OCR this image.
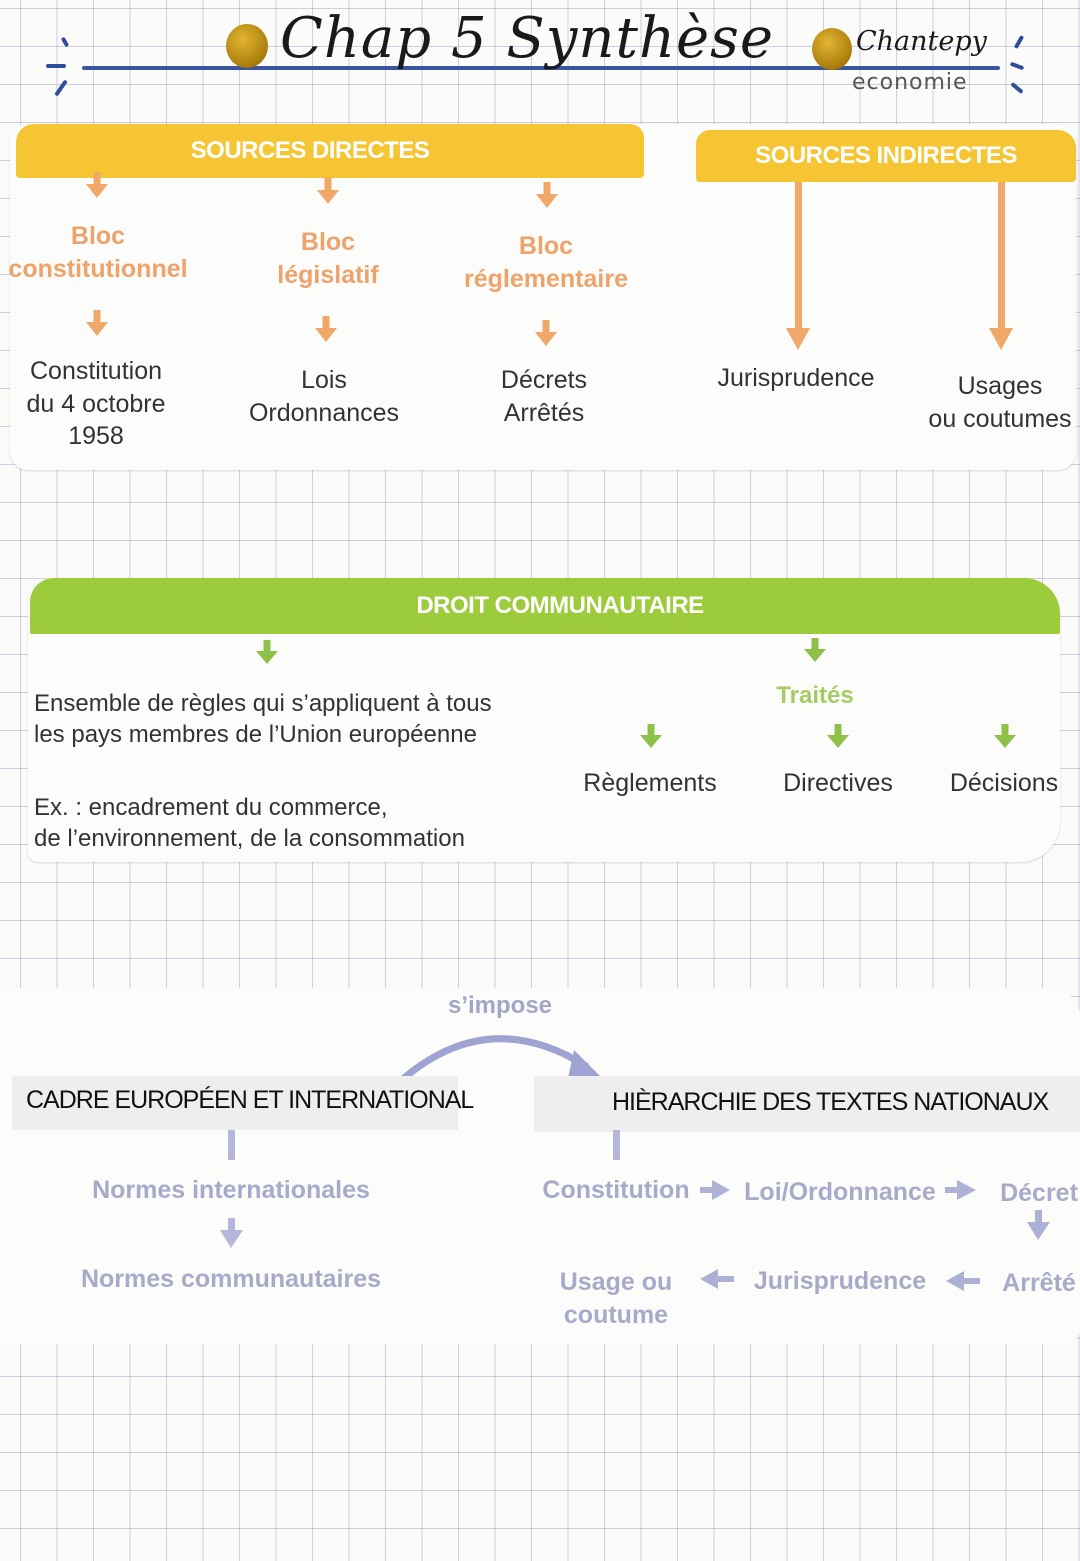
Chap 5 Synthèse	Chantepy
economie
SOURCES DIRECTES	SOURCES INDIRECTES
Bloc
constitutionnel
Constitution
du 4 octobre
1958
Bloc
législatif
Lois
Ordonnances
Bloc
réglementaire
Décrets
Arrêtés
Jurisprudence	Usages
ou coutumes
DROIT COMMUNAUTAIRE
Ensemble de règles qui s’appliquent à tous
les pays membres de l’Union européenne
Ex. : encadrement du commerce,
de l’environnement, de la consommation
Traités
Règlements	Directives	Décisions
s’impose
CADRE EUROPÉEN ET INTERNATIONAL	HIÈRARCHIE DES TEXTES NATIONAUX
Normes internationales
Normes communautaires
Constitution Loi/Ordonnance	Décret
Usage ou
coutume
Jurisprudence	Arrêté
